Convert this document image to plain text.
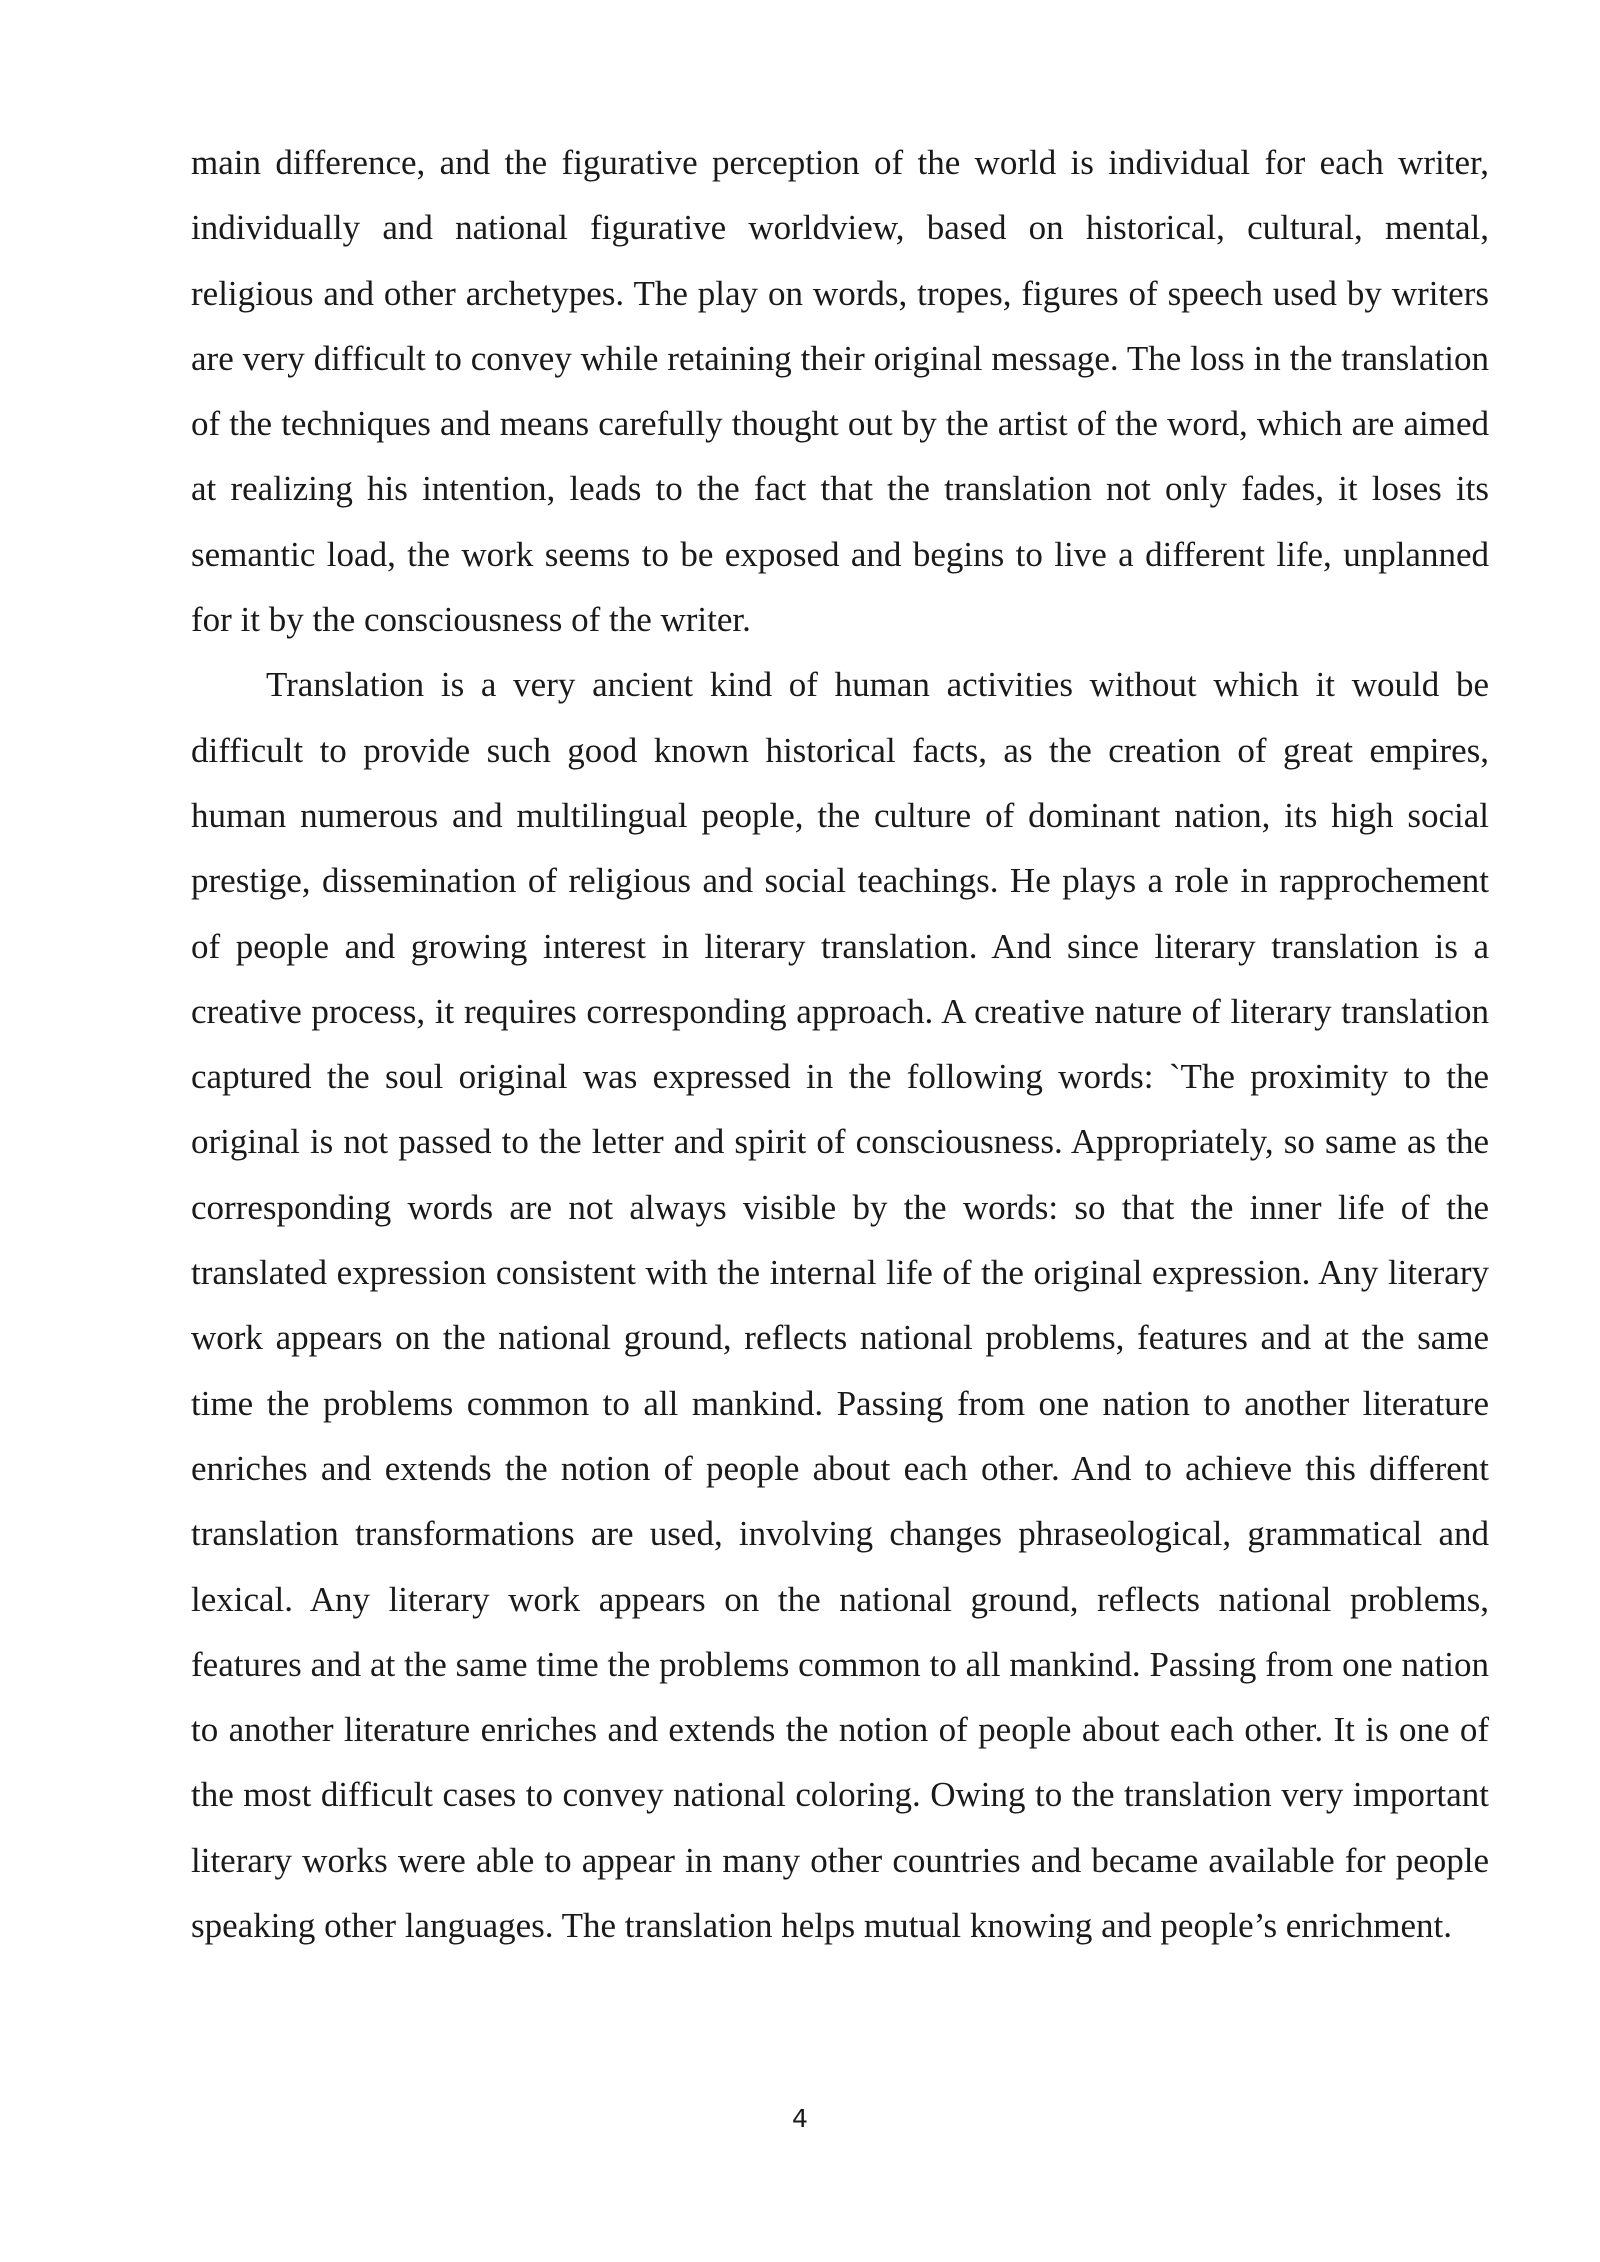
main difference, and the figurative perception of the world is individual for each writer, individually and national figurative worldview, based on historical, cultural, mental, religious and other archetypes. The play on words, tropes, figures of speech used by writers are very difficult to convey while retaining their original message. The loss in the translation of the techniques and means carefully thought out by the artist of the word, which are aimed at realizing his intention, leads to the fact that the translation not only fades, it loses its semantic load, the work seems to be exposed and begins to live a different life, unplanned for it by the consciousness of the writer.

Translation is a very ancient kind of human activities without which it would be difficult to provide such good known historical facts, as the creation of great empires, human numerous and multilingual people, the culture of dominant nation, its high social prestige, dissemination of religious and social teachings. He plays a role in rapprochement of people and growing interest in literary translation. And since literary translation is a creative process, it requires corresponding approach. A creative nature of literary translation captured the soul original was expressed in the following words: `The proximity to the original is not passed to the letter and spirit of consciousness. Appropriately, so same as the corresponding words are not always visible by the words: so that the inner life of the translated expression consistent with the internal life of the original expression. Any literary work appears on the national ground, reflects national problems, features and at the same time the problems common to all mankind. Passing from one nation to another literature enriches and extends the notion of people about each other. And to achieve this different translation transformations are used, involving changes phraseological, grammatical and lexical. Any literary work appears on the national ground, reflects national problems, features and at the same time the problems common to all mankind. Passing from one nation to another literature enriches and extends the notion of people about each other. It is one of the most difficult cases to convey national coloring. Owing to the translation very important literary works were able to appear in many other countries and became available for people speaking other languages. The translation helps mutual knowing and people’s enrichment.

4
